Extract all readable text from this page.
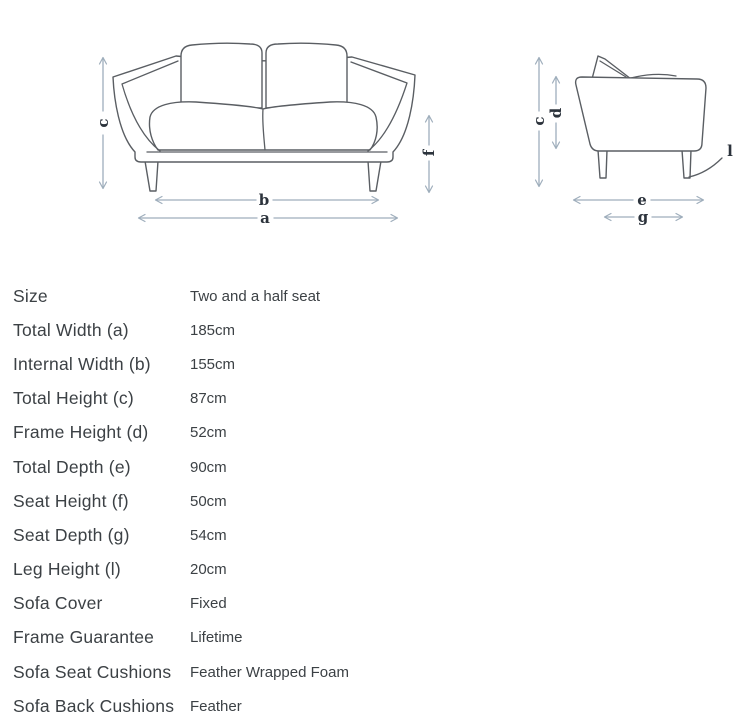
c
f
b
a
c
d
e
g
l
Size	Two and a half seat
Total Width (a)	185cm
Internal Width (b)	155cm
Total Height (c)	87cm
Frame Height (d)	52cm
Total Depth (e)	90cm
Seat Height (f)	50cm
Seat Depth (g)	54cm
Leg Height (l)	20cm
Sofa Cover	Fixed
Frame Guarantee	Lifetime
Sofa Seat Cushions	Feather Wrapped Foam
Sofa Back Cushions	Feather
